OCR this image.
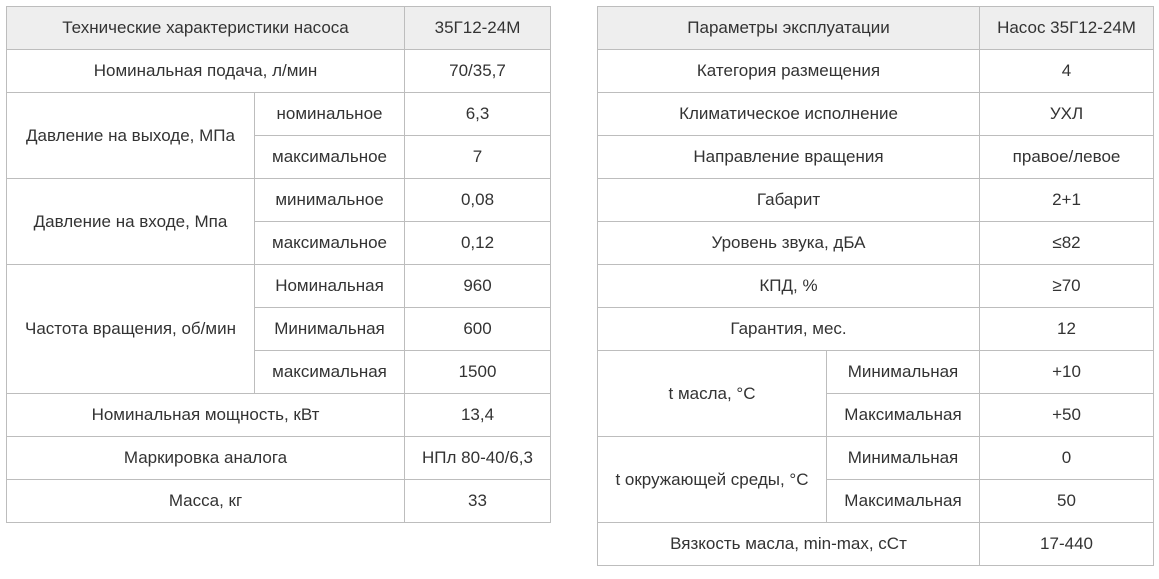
Технические характеристики насоса		35Г12-24М
Номинальная подача, л/мин		70/35,7
Давление на выходе, МПа	номинальное	6,3
	максимальное	7
Давление на входе, Мпа	минимальное	0,08
	максимальное	0,12
Частота вращения, об/мин	Номинальная	960
	Минимальная	600
	максимальная	1500
Номинальная мощность, кВт		13,4
Маркировка аналога		НПл 80-40/6,3
Масса, кг		33
Параметры эксплуатации		Насос 35Г12-24М
Категория размещения		4
Климатическое исполнение		УХЛ
Направление вращения		правое/левое
Габарит		2+1
Уровень звука, дБА		≤82
КПД, %		≥70
Гарантия, мес.		12
t масла, °С	Минимальная	+10
	Максимальная	+50
t окружающей среды, °С	Минимальная	0
	Максимальная	50
Вязкость масла, min-max, сСт		17-440
